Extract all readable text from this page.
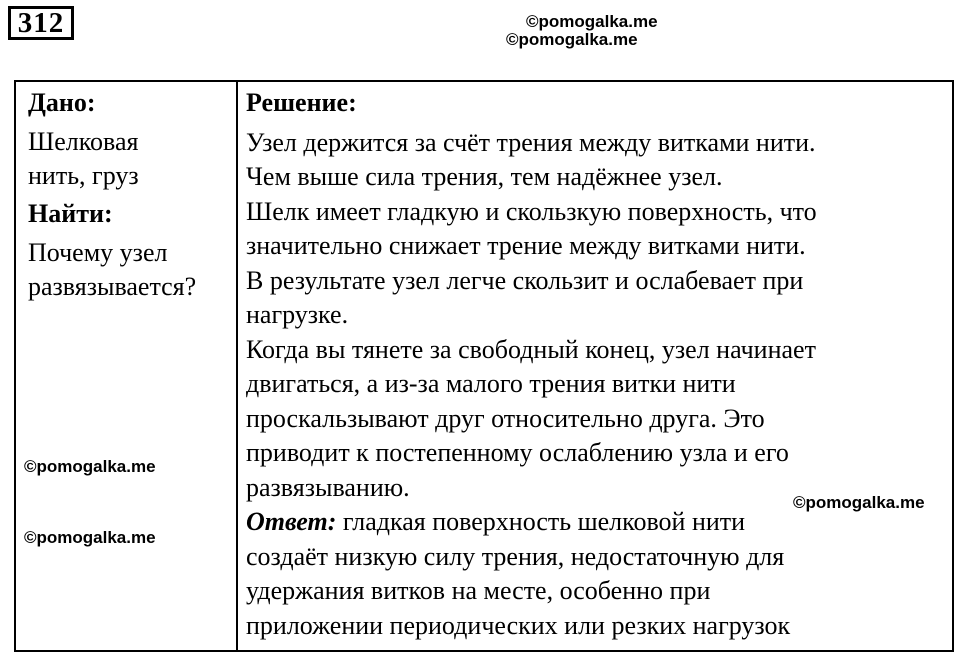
312	©pomogalka.me
©pomogalka.me
Дано:
Шелковая
нить, груз
Найти:
Почему узел
развязывается?
Решение:
Узел держится за счёт трения между витками нити.
Чем выше сила трения, тем надёжнее узел.
Шелк имеет гладкую и скользкую поверхность, что
значительно снижает трение между витками нити.
В результате узел легче скользит и ослабевает при
нагрузке.
Когда вы тянете за свободный конец, узел начинает
двигаться, а из-за малого трения витки нити
проскальзывают друг относительно друга. Это
приводит к постепенному ослаблению узла и его
развязыванию.
Ответ: гладкая поверхность шелковой нити
создаёт низкую силу трения, недостаточную для
удержания витков на месте, особенно при
приложении периодических или резких нагрузок
©pomogalka.me
©pomogalka.me
©pomogalka.me
